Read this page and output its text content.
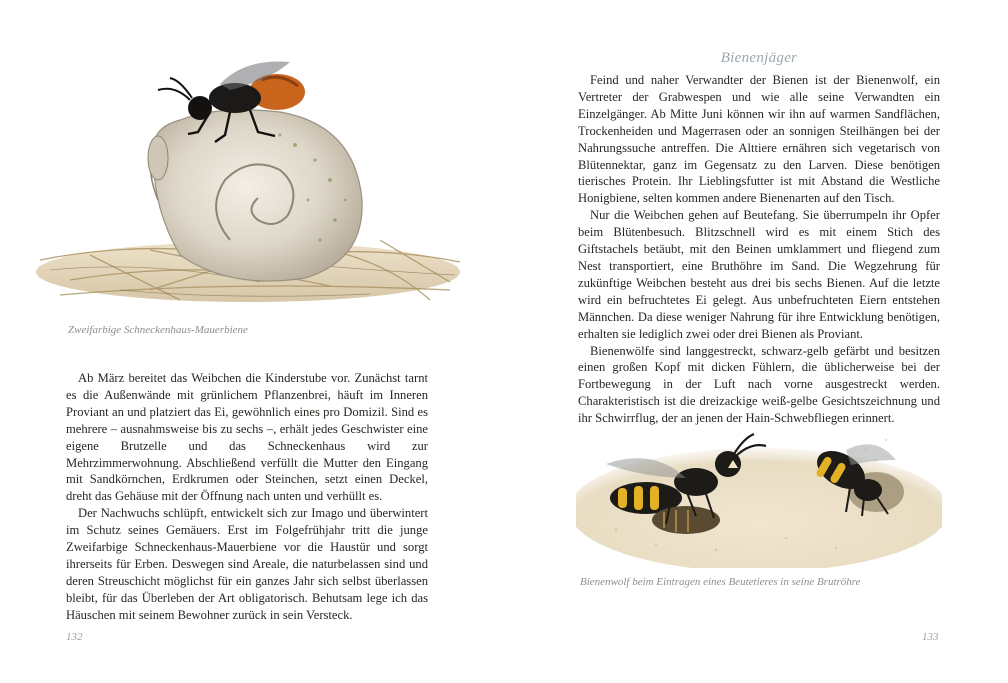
Zweifarbige Schneckenhaus-Mauerbiene

Ab März bereitet das Weibchen die Kinderstube vor. Zunächst tarnt es die Außenwände mit grünlichem Pflanzenbrei, häuft im Inneren Proviant an und platziert das Ei, gewöhnlich eines pro Domizil. Sind es mehrere – ausnahmsweise bis zu sechs –, erhält jedes Geschwister eine eigene Brutzelle und das Schneckenhaus wird zur Mehrzimmerwohnung. Abschließend verfüllt die Mutter den Eingang mit Sandkörnchen, Erdkrumen oder Steinchen, setzt einen Deckel, dreht das Gehäuse mit der Öffnung nach unten und verhüllt es.

Der Nachwuchs schlüpft, entwickelt sich zur Imago und überwintert im Schutz seines Gemäuers. Erst im Folgefrühjahr tritt die junge Zweifarbige Schneckenhaus-Mauerbiene vor die Haustür und sorgt ihrerseits für Erben. Deswegen sind Areale, die naturbelassen sind und deren Streuschicht möglichst für ein ganzes Jahr sich selbst überlassen bleibt, für das Überleben der Art obligatorisch. Behutsam lege ich das Häuschen mit seinem Bewohner zurück in sein Versteck.

132

Bienenjäger

Feind und naher Verwandter der Bienen ist der Bienenwolf, ein Vertreter der Grabwespen und wie alle seine Verwandten ein Einzelgänger. Ab Mitte Juni können wir ihn auf warmen Sandflächen, Trockenheiden und Magerrasen oder an sonnigen Steilhängen bei der Nahrungssuche antreffen. Die Alttiere ernähren sich vegetarisch von Blütennektar, ganz im Gegensatz zu den Larven. Diese benötigen tierisches Protein. Ihr Lieblingsfutter ist mit Abstand die Westliche Honigbiene, selten kommen andere Bienenarten auf den Tisch.

Nur die Weibchen gehen auf Beutefang. Sie überrumpeln ihr Opfer beim Blütenbesuch. Blitzschnell wird es mit einem Stich des Giftstachels betäubt, mit den Beinen umklammert und fliegend zum Nest transportiert, eine Bruthöhre im Sand. Die Wegzehrung für zukünftige Weibchen besteht aus drei bis sechs Bienen. Auf die letzte wird ein befruchtetes Ei gelegt. Aus unbefruchteten Eiern entstehen Männchen. Da diese weniger Nahrung für ihre Entwicklung benötigen, erhalten sie lediglich zwei oder drei Bienen als Proviant.

Bienenwölfe sind langgestreckt, schwarz-gelb gefärbt und besitzen einen großen Kopf mit dicken Fühlern, die üblicherweise bei der Fortbewegung in der Luft nach vorne ausgestreckt werden. Charakteristisch ist die dreizackige weiß-gelbe Gesichtszeichnung und ihr Schwirrflug, der an jenen der Hain-Schwebfliegen erinnert.

Bienenwolf beim Eintragen eines Beutetieres in seine Brutröhre

133
